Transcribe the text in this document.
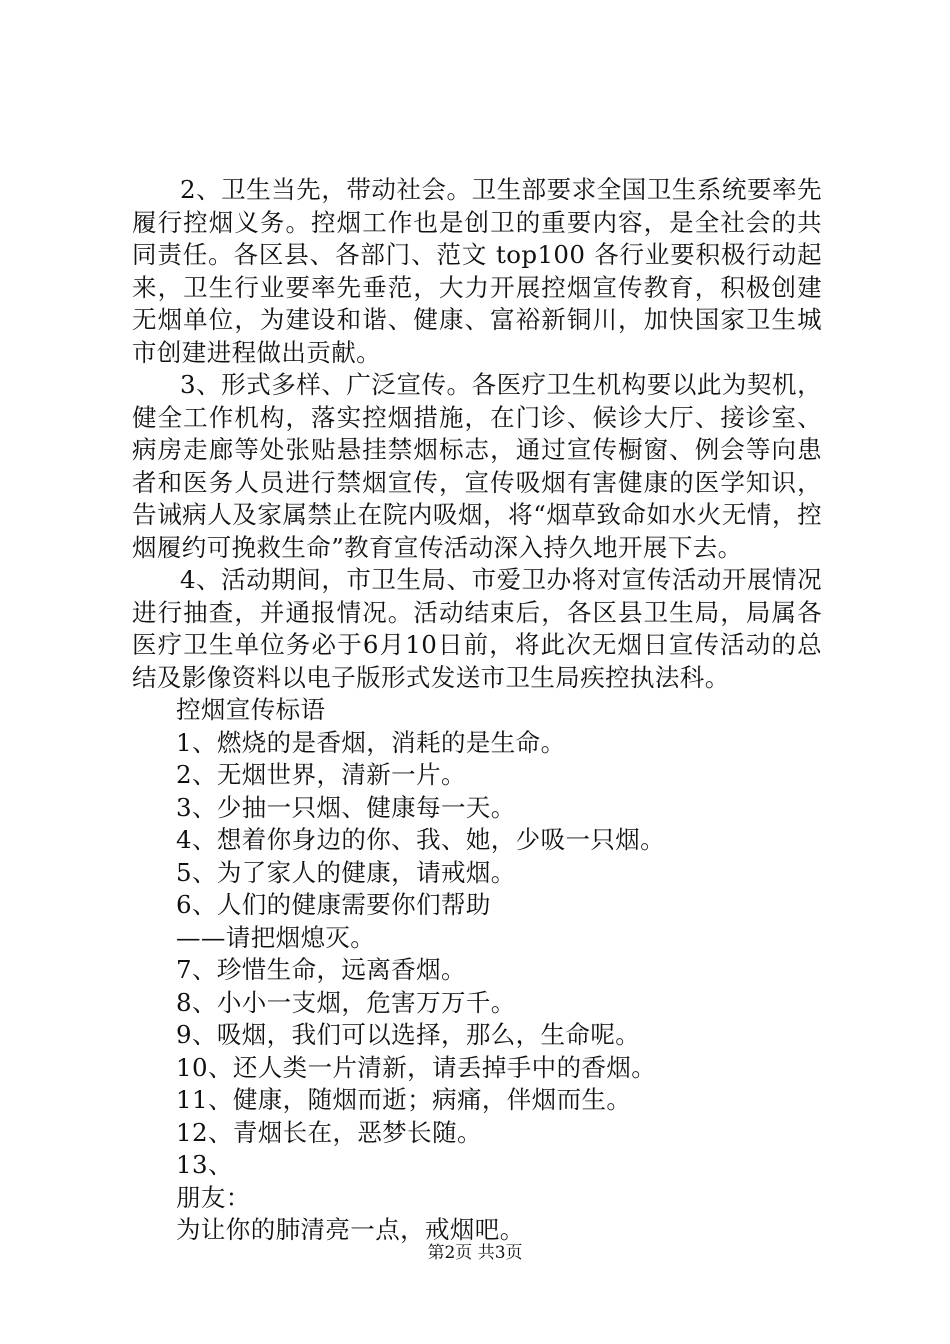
2、卫生当先，带动社会。卫生部要求全国卫生系统要率先履行控烟义务。控烟工作也是创卫的重要内容，是全社会的共同责任。各区县、各部门、范文 top100 各行业要积极行动起来，卫生行业要率先垂范，大力开展控烟宣传教育，积极创建无烟单位，为建设和谐、健康、富裕新铜川，加快国家卫生城市创建进程做出贡献。

3、形式多样、广泛宣传。各医疗卫生机构要以此为契机，健全工作机构，落实控烟措施，在门诊、候诊大厅、接诊室、病房走廊等处张贴悬挂禁烟标志，通过宣传橱窗、例会等向患者和医务人员进行禁烟宣传，宣传吸烟有害健康的医学知识，告诫病人及家属禁止在院内吸烟，将“烟草致命如水火无情，控烟履约可挽救生命”教育宣传活动深入持久地开展下去。

4、活动期间，市卫生局、市爱卫办将对宣传活动开展情况进行抽查，并通报情况。活动结束后，各区县卫生局，局属各医疗卫生单位务必于6月10日前，将此次无烟日宣传活动的总结及影像资料以电子版形式发送市卫生局疾控执法科。

控烟宣传标语

1、燃烧的是香烟，消耗的是生命。

2、无烟世界，清新一片。

3、少抽一只烟、健康每一天。

4、想着你身边的你、我、她，少吸一只烟。

5、为了家人的健康，请戒烟。

6、人们的健康需要你们帮助

——请把烟熄灭。

7、珍惜生命，远离香烟。

8、小小一支烟，危害万万千。

9、吸烟，我们可以选择，那么，生命呢。

10、还人类一片清新，请丢掉手中的香烟。

11、健康，随烟而逝；病痛，伴烟而生。

12、青烟长在，恶梦长随。

13、

朋友：

为让你的肺清亮一点，戒烟吧。

第2页 共3页
